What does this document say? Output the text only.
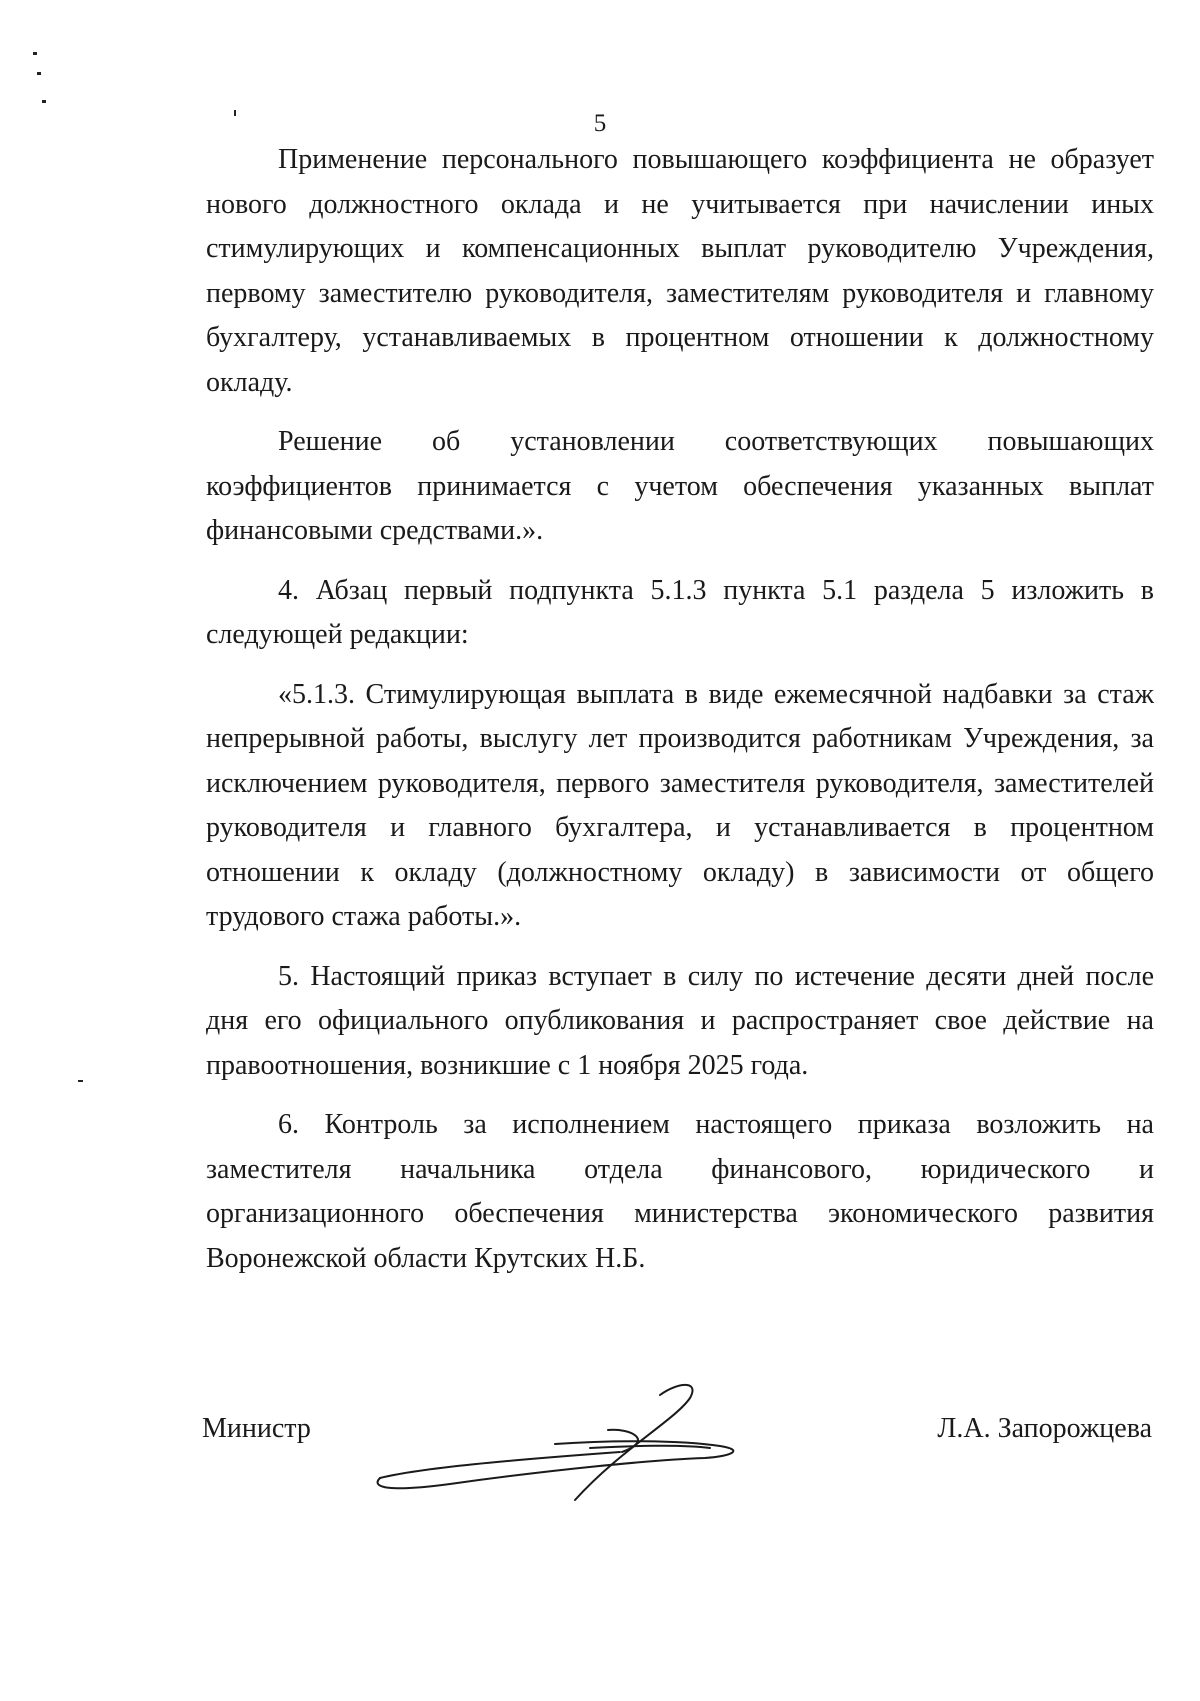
5

Применение персонального повышающего коэффициента не образует нового должностного оклада и не учитывается при начислении иных стимулирующих и компенсационных выплат руководителю Учреждения, первому заместителю руководителя, заместителям руководителя и главному бухгалтеру, устанавливаемых в процентном отношении к должностному окладу.

Решение об установлении соответствующих повышающих коэффициентов принимается с учетом обеспечения указанных выплат финансовыми средствами.».

4. Абзац первый подпункта 5.1.3 пункта 5.1 раздела 5 изложить в следующей редакции:

«5.1.3. Стимулирующая выплата в виде ежемесячной надбавки за стаж непрерывной работы, выслугу лет производится работникам Учреждения, за исключением руководителя, первого заместителя руководителя, заместителей руководителя и главного бухгалтера, и устанавливается в процентном отношении к окладу (должностному окладу) в зависимости от общего трудового стажа работы.».

5. Настоящий приказ вступает в силу по истечение десяти дней после дня его официального опубликования и распространяет свое действие на правоотношения, возникшие с 1 ноября 2025 года.

6. Контроль за исполнением настоящего приказа возложить на заместителя начальника отдела финансового, юридического и организационного обеспечения министерства экономического развития Воронежской области Крутских Н.Б.

Министр	Л.А. Запорожцева
